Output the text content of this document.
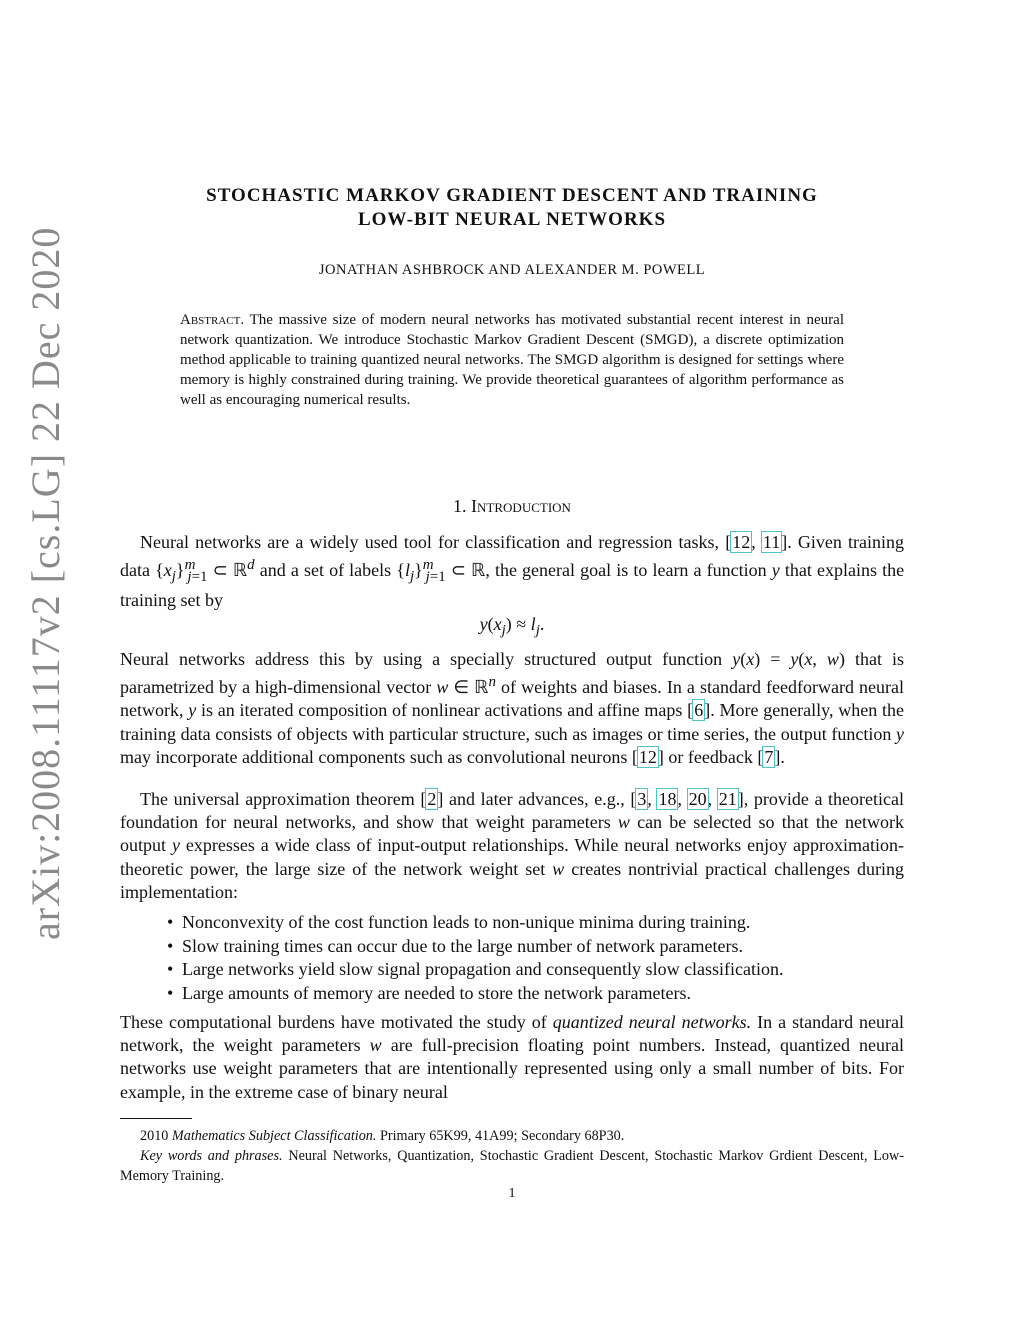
arXiv:2008.11117v2 [cs.LG] 22 Dec 2020
STOCHASTIC MARKOV GRADIENT DESCENT AND TRAINING
LOW-BIT NEURAL NETWORKS
JONATHAN ASHBROCK AND ALEXANDER M. POWELL
Abstract. The massive size of modern neural networks has motivated substantial recent interest in neural network quantization. We introduce Stochastic Markov Gradient Descent (SMGD), a discrete optimization method applicable to training quantized neural networks. The SMGD algorithm is designed for settings where memory is highly constrained during training. We provide theoretical guarantees of algorithm performance as well as encouraging numerical results.
1. Introduction
Neural networks are a widely used tool for classification and regression tasks, [12, 11]. Given training data $\{x_j\}^m_{j=1}$ ⊂ ℝ$^d$ and a set of labels $\{l_j\}^m_{j=1}$ ⊂ ℝ, the general goal is to learn a function y that explains the training set by
$y(x_j) \approx l_j$.
Neural networks address this by using a specially structured output function y(x) = y(x, w) that is parametrized by a high-dimensional vector w ∈ ℝ$^n$ of weights and biases. In a standard feedforward neural network, y is an iterated composition of nonlinear activations and affine maps [6]. More generally, when the training data consists of objects with particular structure, such as images or time series, the output function y may incorporate additional components such as convolutional neurons [12] or feedback [7].
The universal approximation theorem [2] and later advances, e.g., [3, 18, 20, 21], provide a theoretical foundation for neural networks, and show that weight parameters w can be selected so that the network output y expresses a wide class of input-output relationships. While neural networks enjoy approximation-theoretic power, the large size of the network weight set w creates nontrivial practical challenges during implementation:
• Nonconvexity of the cost function leads to non-unique minima during training.
• Slow training times can occur due to the large number of network parameters.
• Large networks yield slow signal propagation and consequently slow classification.
• Large amounts of memory are needed to store the network parameters.
These computational burdens have motivated the study of quantized neural networks. In a standard neural network, the weight parameters w are full-precision floating point numbers. Instead, quantized neural networks use weight parameters that are intentionally represented using only a small number of bits. For example, in the extreme case of binary neural

2010 Mathematics Subject Classification. Primary 65K99, 41A99; Secondary 68P30.

Key words and phrases. Neural Networks, Quantization, Stochastic Gradient Descent, Stochastic Markov Grdient Descent, Low-Memory Training.

1
